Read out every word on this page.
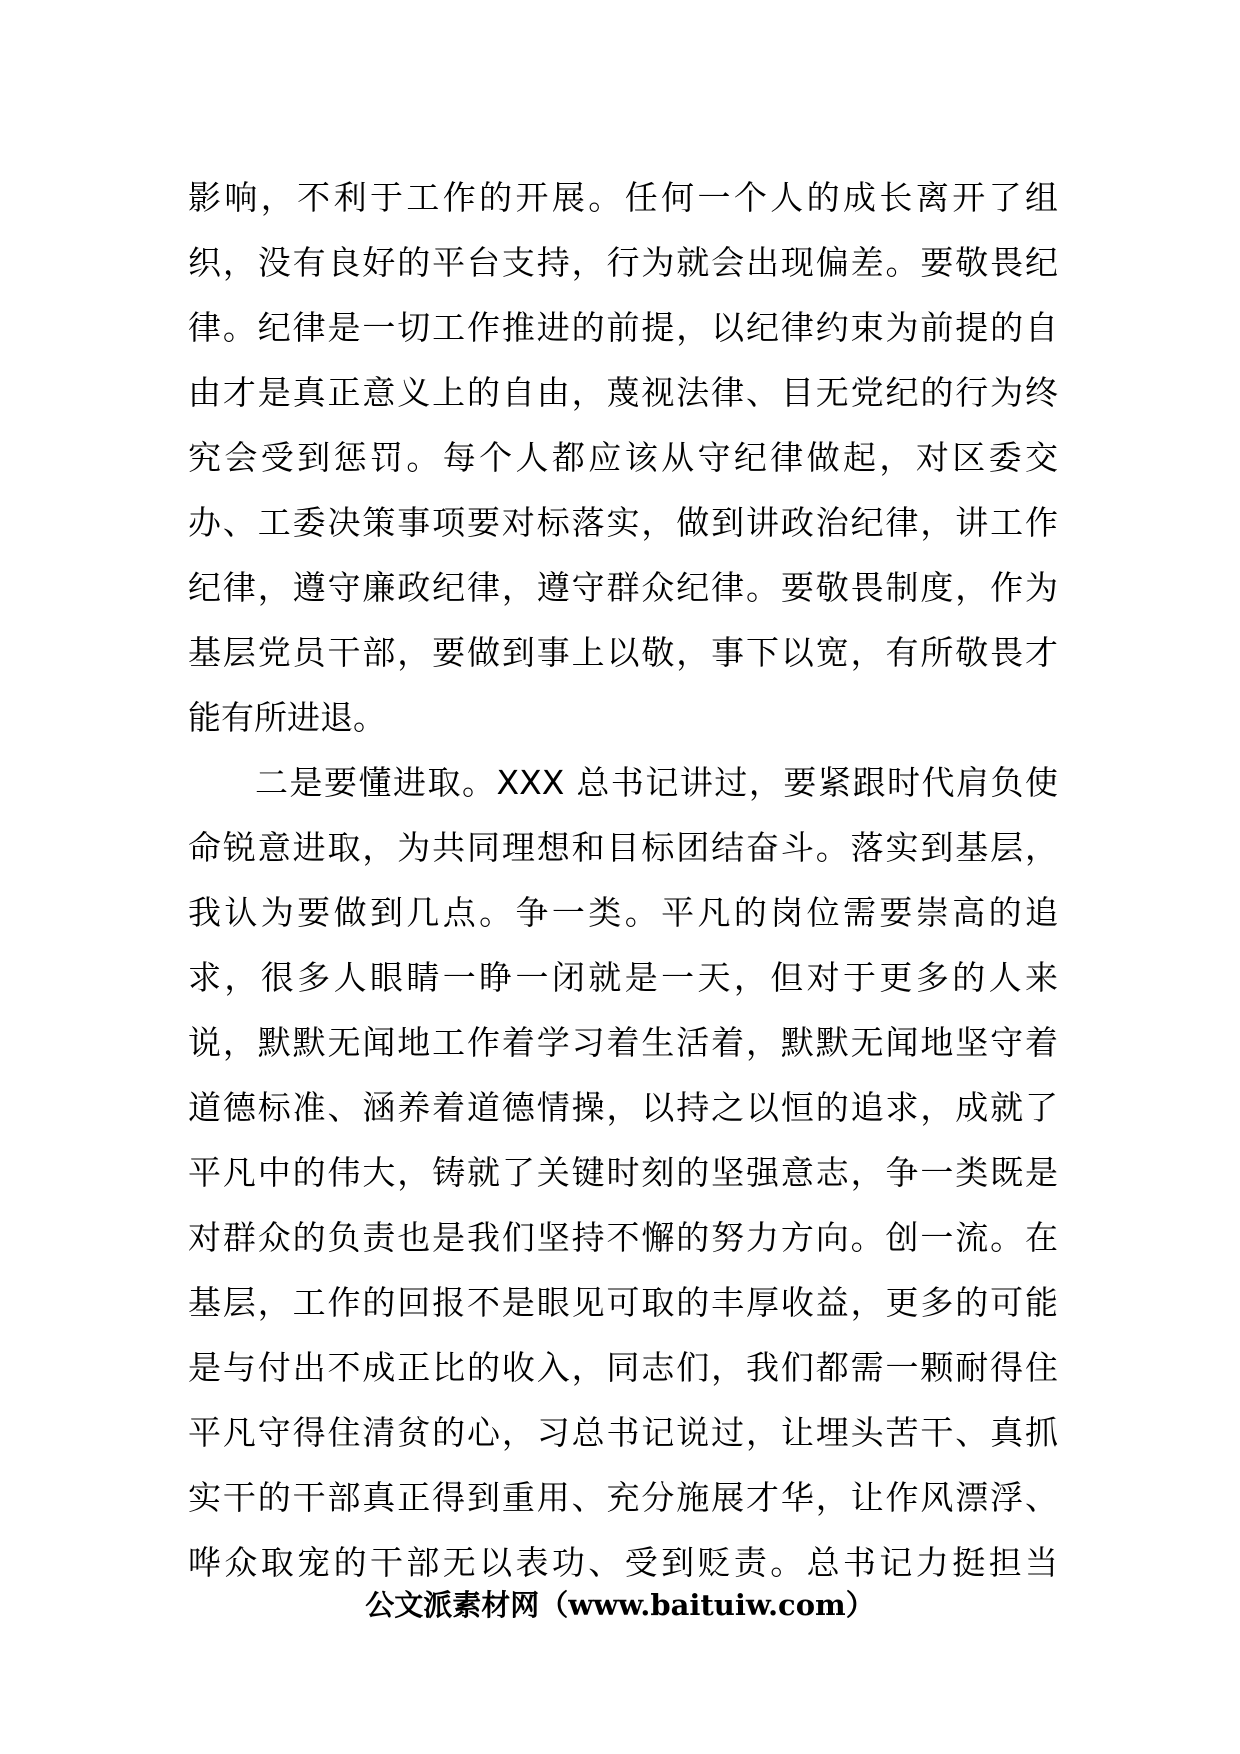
影响，不利于工作的开展。任何一个人的成长离开了组
织，没有良好的平台支持，行为就会出现偏差。要敬畏纪
律。纪律是一切工作推进的前提，以纪律约束为前提的自
由才是真正意义上的自由，蔑视法律、目无党纪的行为终
究会受到惩罚。每个人都应该从守纪律做起，对区委交
办、工委决策事项要对标落实，做到讲政治纪律，讲工作
纪律，遵守廉政纪律，遵守群众纪律。要敬畏制度，作为
基层党员干部，要做到事上以敬，事下以宽，有所敬畏才
能有所进退。
二是要懂进取。XXX 总书记讲过，要紧跟时代肩负使
命锐意进取，为共同理想和目标团结奋斗。落实到基层，
我认为要做到几点。争一类。平凡的岗位需要崇高的追
求，很多人眼睛一睁一闭就是一天，但对于更多的人来
说，默默无闻地工作着学习着生活着，默默无闻地坚守着
道德标准、涵养着道德情操，以持之以恒的追求，成就了
平凡中的伟大，铸就了关键时刻的坚强意志，争一类既是
对群众的负责也是我们坚持不懈的努力方向。创一流。在
基层，工作的回报不是眼见可取的丰厚收益，更多的可能
是与付出不成正比的收入，同志们，我们都需一颗耐得住
平凡守得住清贫的心，习总书记说过，让埋头苦干、真抓
实干的干部真正得到重用、充分施展才华，让作风漂浮、
哗众取宠的干部无以表功、受到贬责。总书记力挺担当
公文派素材网（www.baituiw.com）
